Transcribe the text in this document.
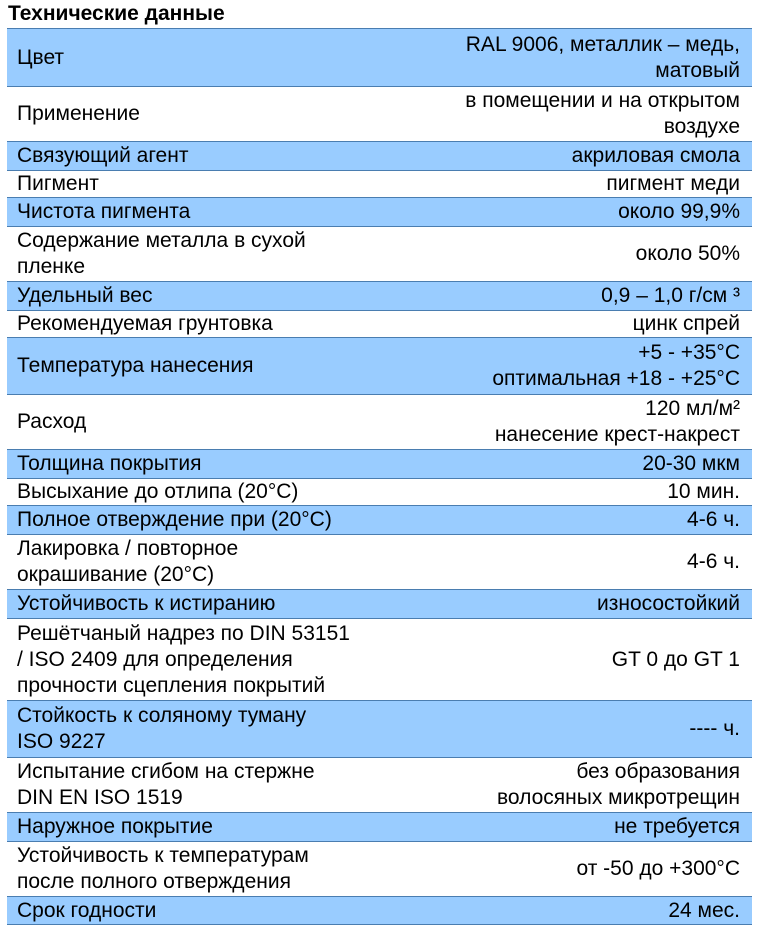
Технические данные
Цвет	RAL 9006, металлик – медь,
матовый

Применение	в помещении и на открытом
воздухе

Связующий агент	акриловая смола

Пигмент	пигмент меди

Чистота пигмента	около 99,9%

Содержание металла в сухой
пленке	около 50%

Удельный вес	0,9 – 1,0 г/см ³

Рекомендуемая грунтовка	цинк спрей

Температура нанесения	+5 - +35°C
оптимальная +18 - +25°C

Расход	120 мл/м²
нанесение крест-накрест

Толщина покрытия	20-30 мкм

Высыхание до отлипа (20°C)	10 мин.

Полное отверждение при (20°C)	4-6 ч.

Лакировка / повторное
окрашивание (20°C)	4-6 ч.

Устойчивость к истиранию	износостойкий

Решётчаный надрез по DIN 53151
/ ISO 2409 для определения
прочности сцепления покрытий	GT 0 до GT 1

Стойкость к соляному туману
ISO 9227	---- ч.

Испытание сгибом на стержне
DIN EN ISO 1519	без образования
волосяных микротрещин

Наружное покрытие	не требуется

Устойчивость к температурам
после полного отверждения	от -50 до +300°C

Срок годности	24 мес.
